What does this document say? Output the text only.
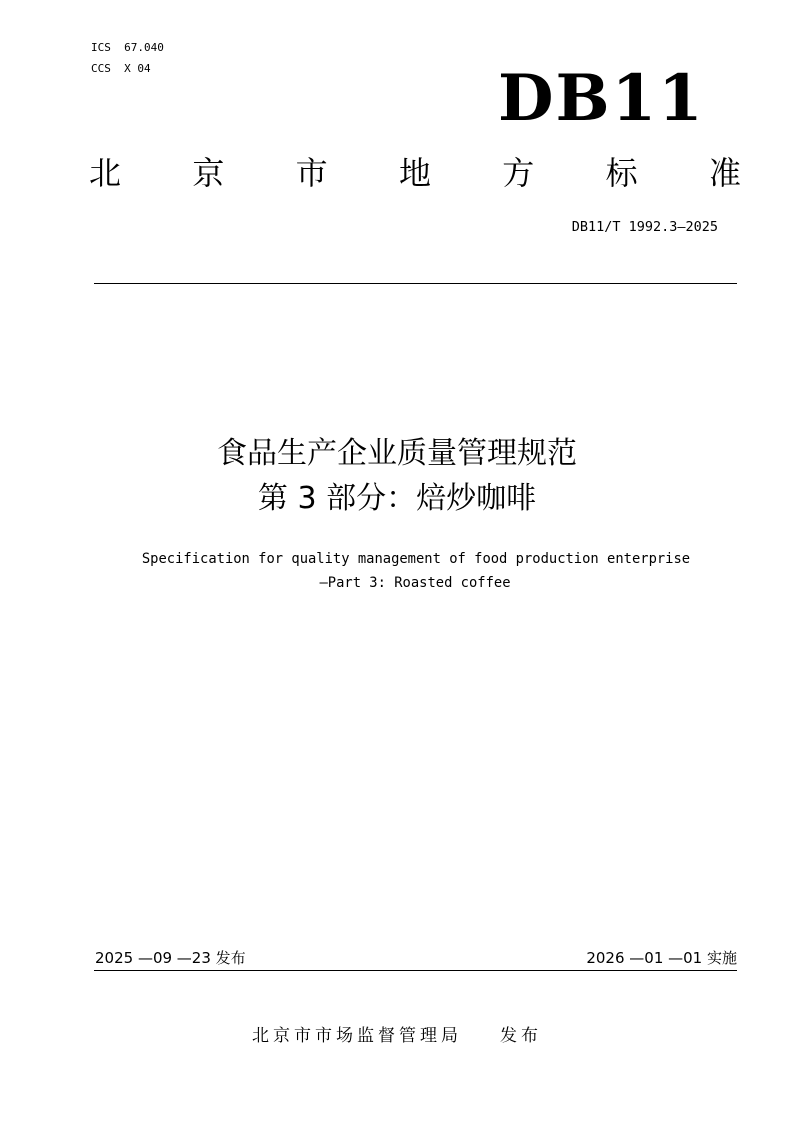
ICS  67.040
CCS  X 04	DB11
北 京 市 地 方 标 准
DB11/T 1992.3—2025
食品生产企业质量管理规范
第 3 部分：焙炒咖啡
Specification for quality management of food production enterprise
—Part 3: Roasted coffee
2025 —09 —23 发布	2026 —01 —01 实施
北京市市场监督管理局 发布
